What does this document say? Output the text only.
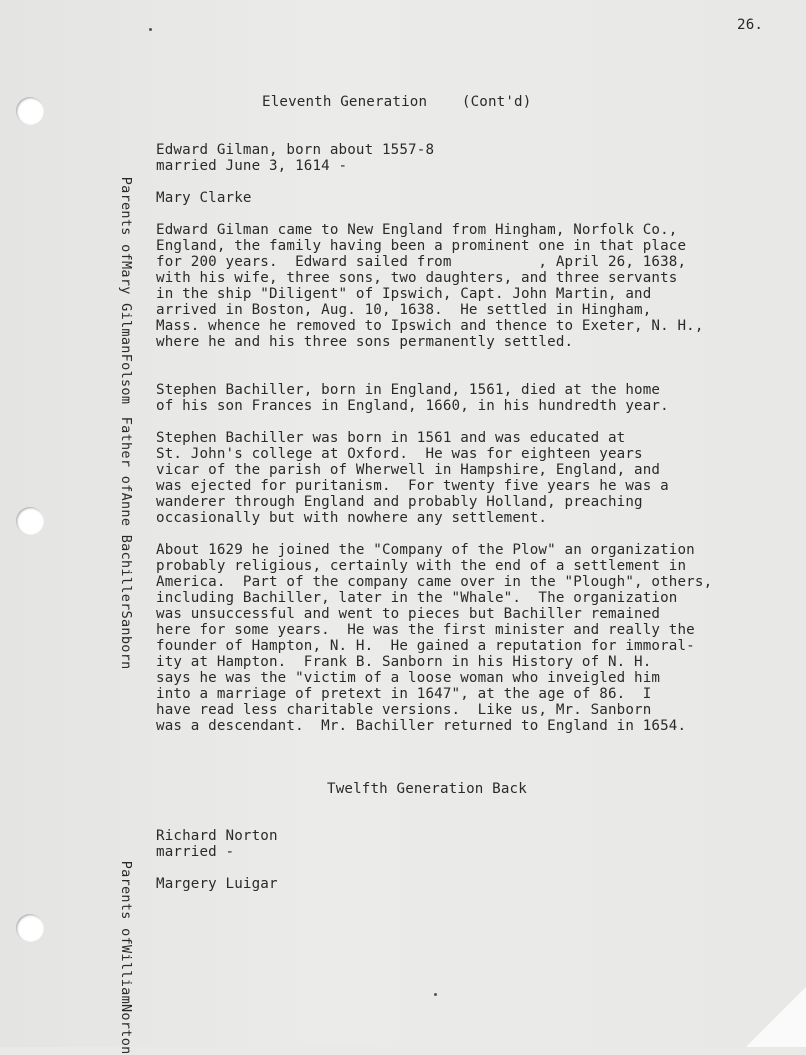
26.
Eleventh Generation    (Cont'd)

Parents ofMary GilmanFolsom

Edward Gilman, born about 1557-8
married June 3, 1614 -
Mary Clarke
Edward Gilman came to New England from Hingham, Norfolk Co.,
England, the family having been a prominent one in that place
for 200 years.  Edward sailed from          , April 26, 1638,
with his wife, three sons, two daughters, and three servants
in the ship "Diligent" of Ipswich, Capt. John Martin, and
arrived in Boston, Aug. 10, 1638.  He settled in Hingham,
Mass. whence he removed to Ipswich and thence to Exeter, N. H.,
where he and his three sons permanently settled.

Father ofAnne BachillerSanborn

Stephen Bachiller, born in England, 1561, died at the home
of his son Frances in England, 1660, in his hundredth year.
Stephen Bachiller was born in 1561 and was educated at
St. John's college at Oxford.  He was for eighteen years
vicar of the parish of Wherwell in Hampshire, England, and
was ejected for puritanism.  For twenty five years he was a
wanderer through England and probably Holland, preaching
occasionally but with nowhere any settlement.
About 1629 he joined the "Company of the Plow" an organization
probably religious, certainly with the end of a settlement in
America.  Part of the company came over in the "Plough", others,
including Bachiller, later in the "Whale".  The organization
was unsuccessful and went to pieces but Bachiller remained
here for some years.  He was the first minister and really the
founder of Hampton, N. H.  He gained a reputation for immoral-
ity at Hampton.  Frank B. Sanborn in his History of N. H.
says he was the "victim of a loose woman who inveigled him
into a marriage of pretext in 1647", at the age of 86.  I
have read less charitable versions.  Like us, Mr. Sanborn
was a descendant.  Mr. Bachiller returned to England in 1654.
Twelfth Generation Back

Parents ofWilliamNorton

Richard Norton
married -
Margery Luigar
